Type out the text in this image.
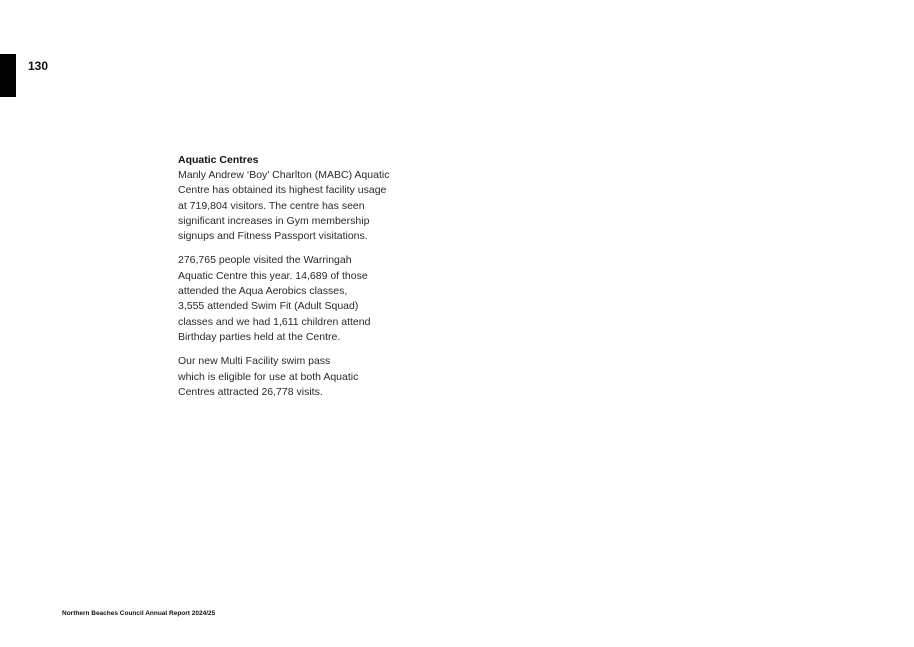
130
Aquatic Centres

Manly Andrew ‘Boy’ Charlton (MABC) Aquatic
Centre has obtained its highest facility usage
at 719,804 visitors. The centre has seen
significant increases in Gym membership
signups and Fitness Passport visitations.

276,765 people visited the Warringah
Aquatic Centre this year. 14,689 of those
attended the Aqua Aerobics classes,
3,555 attended Swim Fit (Adult Squad)
classes and we had 1,611 children attend
Birthday parties held at the Centre.

Our new Multi Facility swim pass
which is eligible for use at both Aquatic
Centres attracted 26,778 visits.

Northern Beaches Council Annual Report 2024/25
